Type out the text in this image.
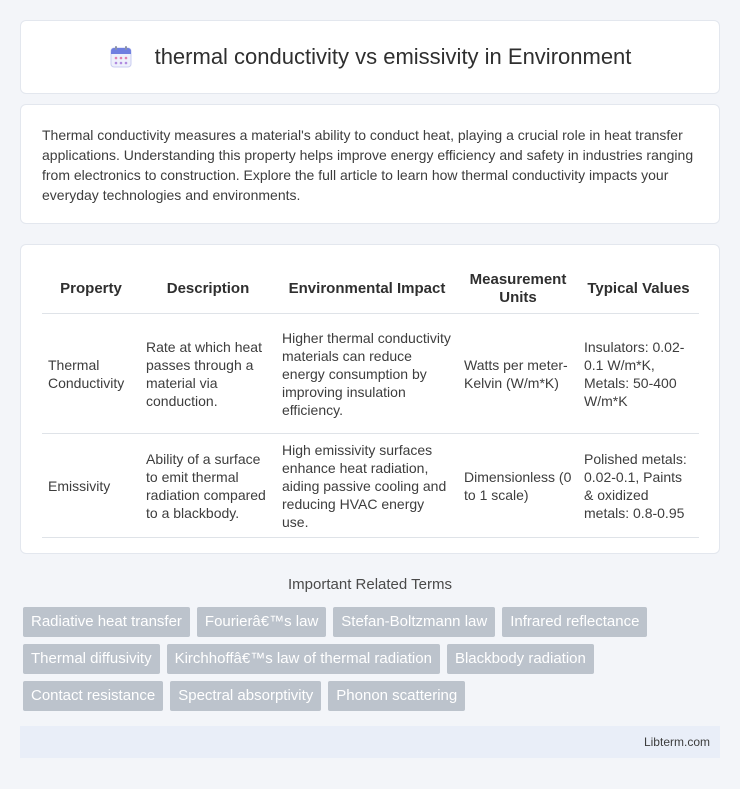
thermal conductivity vs emissivity in Environment

Thermal conductivity measures a material's ability to conduct heat, playing a crucial role in heat transfer applications. Understanding this property helps improve energy efficiency and safety in industries ranging from electronics to construction. Explore the full article to learn how thermal conductivity impacts your everyday technologies and environments.

Property	Description	Environmental Impact	Measurement Units	Typical Values
Thermal Conductivity	Rate at which heat passes through a material via conduction.	Higher thermal conductivity materials can reduce energy consumption by improving insulation efficiency.	Watts per meter-Kelvin (W/m*K)	Insulators: 0.02-0.1 W/m*K, Metals: 50-400 W/m*K
Emissivity	Ability of a surface to emit thermal radiation compared to a blackbody.	High emissivity surfaces enhance heat radiation, aiding passive cooling and reducing HVAC energy use.	Dimensionless (0 to 1 scale)	Polished metals: 0.02-0.1, Paints & oxidized metals: 0.8-0.95
Important Related Terms
Radiative heat transfer	Fourierâ€™s law	Stefan-Boltzmann law	Infrared reflectance
Thermal diffusivity	Kirchhoffâ€™s law of thermal radiation	Blackbody radiation
Contact resistance	Spectral absorptivity	Phonon scattering
Libterm.com
